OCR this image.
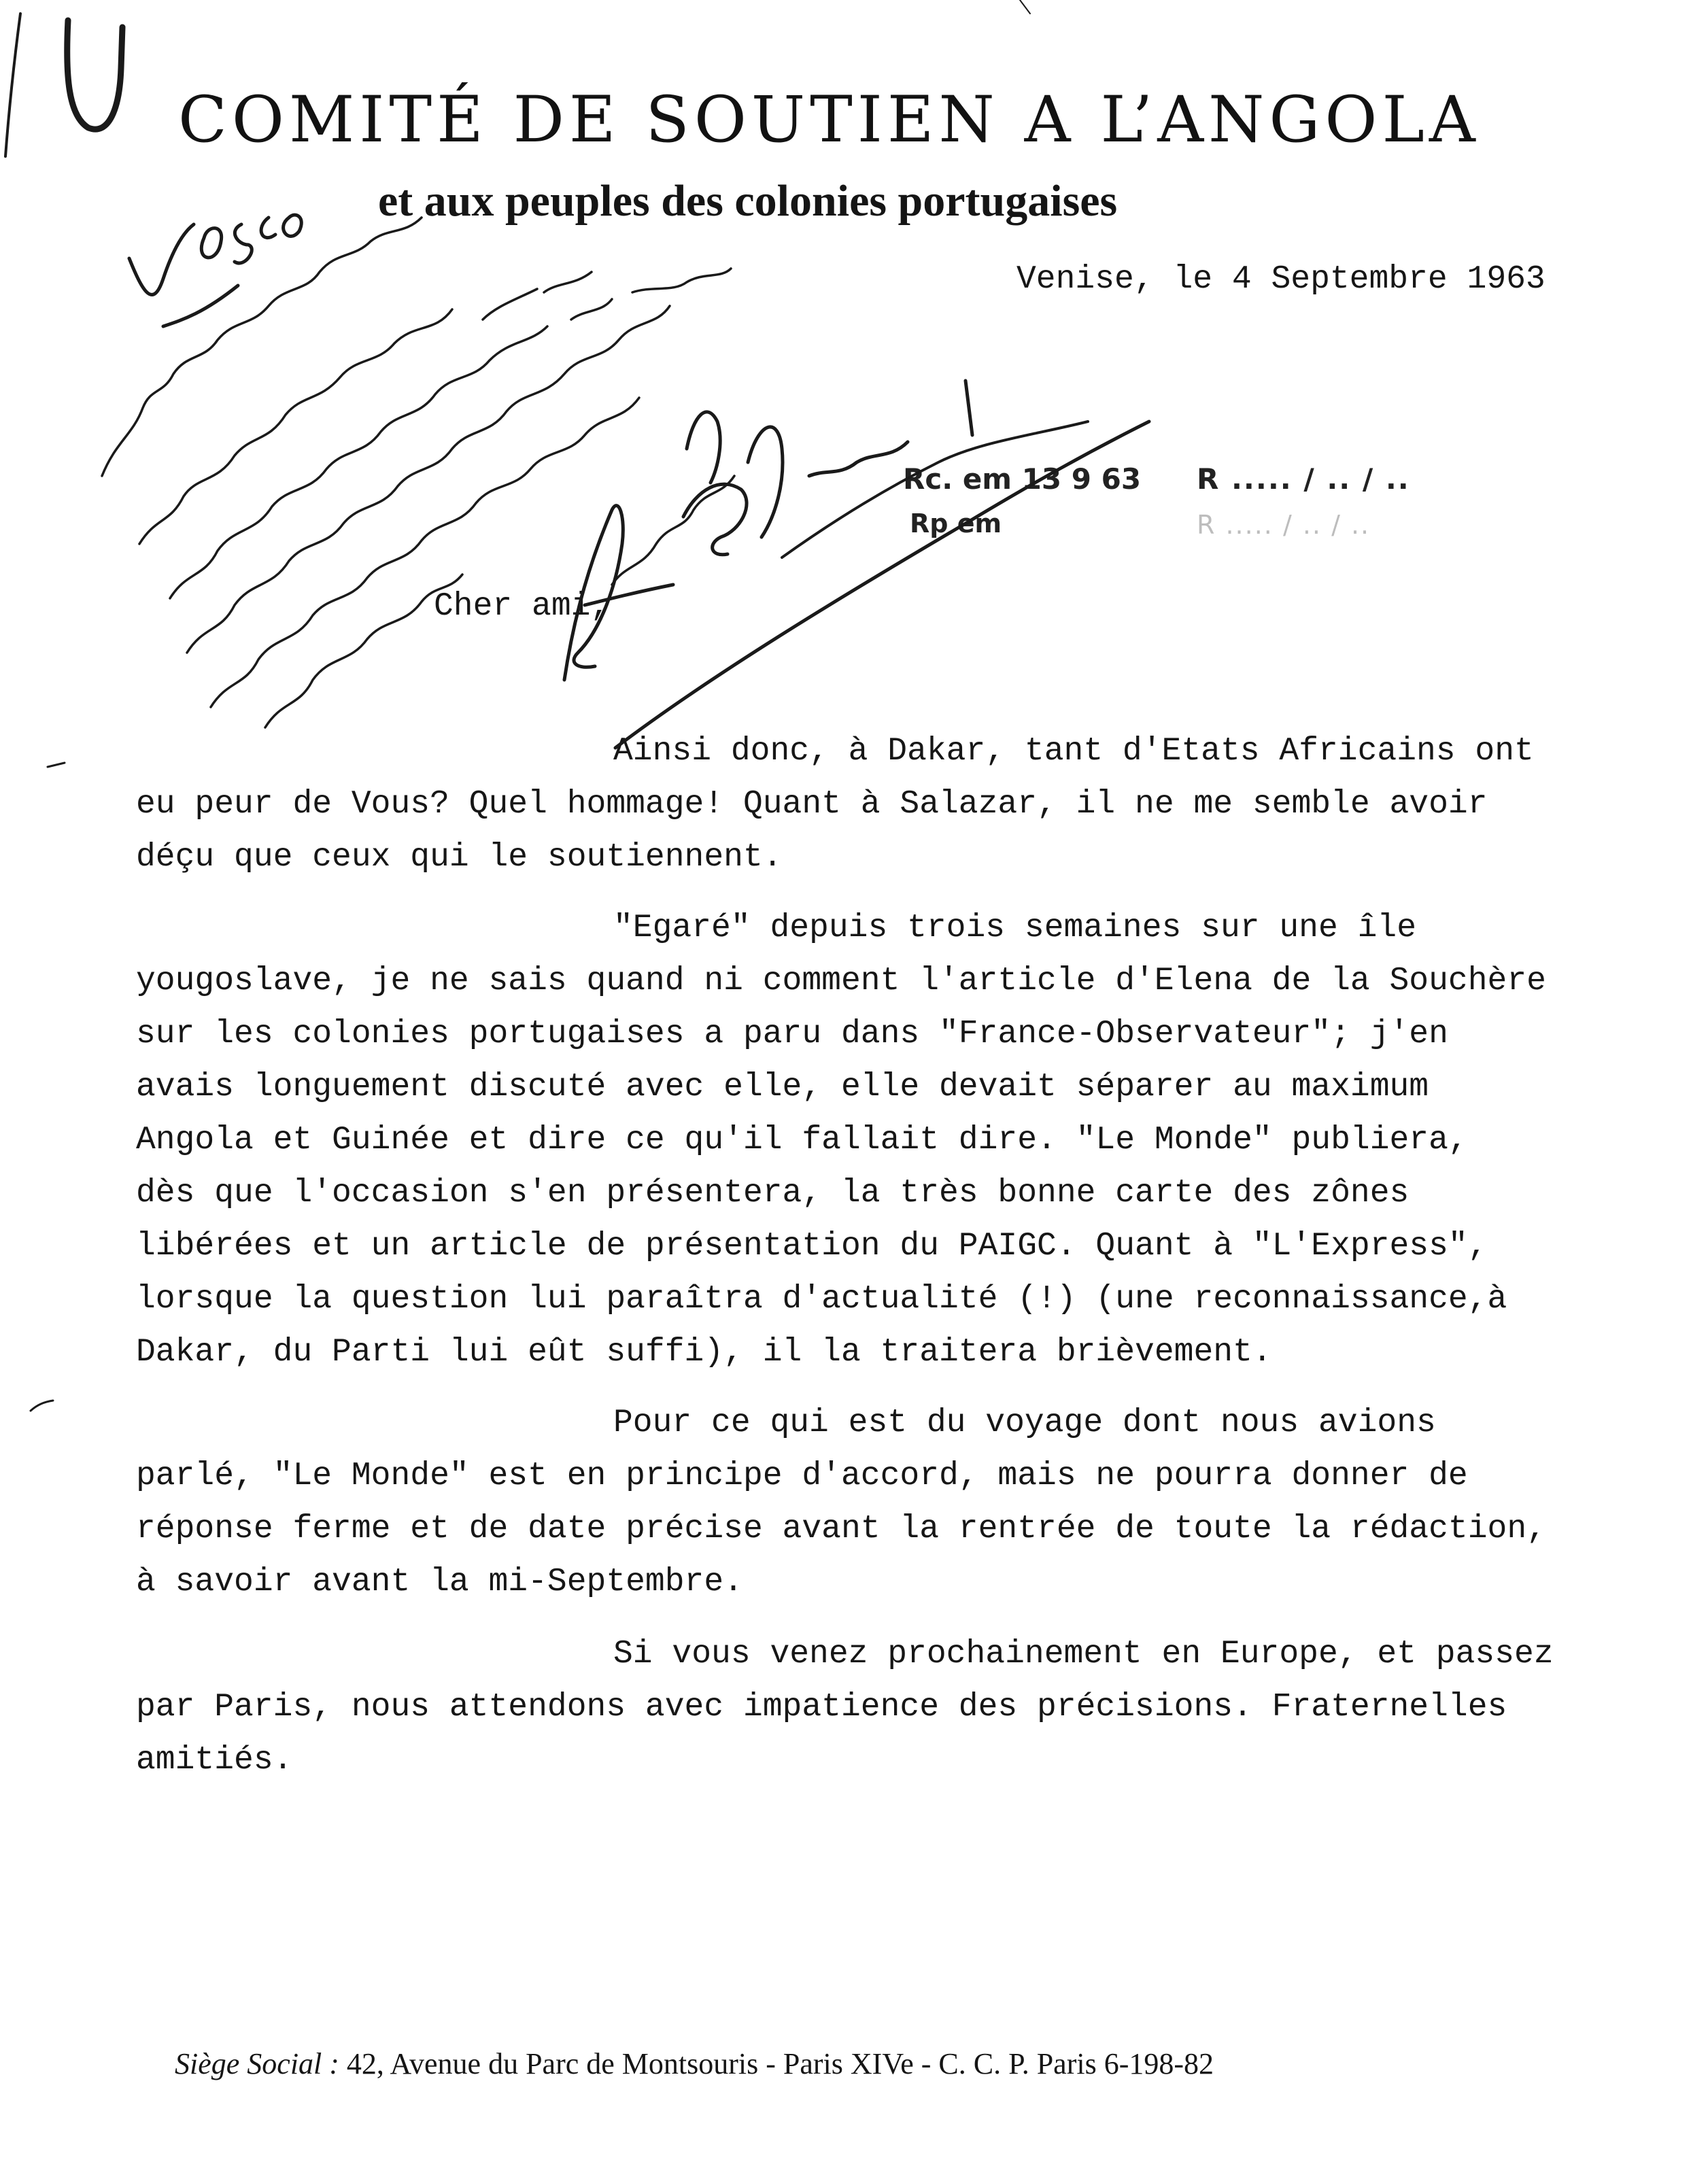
COMITÉ DE SOUTIEN A L’ANGOLA
et aux peuples des colonies portugaises
Venise, le 4 Septembre 1963
Rc. em 13 9 63 R ..... / .. / ..
Rp em	R ..... / .. / ..
Cher ami,
Ainsi donc, à Dakar, tant d'Etats Africains ont
eu peur de Vous? Quel hommage! Quant à Salazar, il ne me semble avoir
déçu que ceux qui le soutiennent.
"Egaré" depuis trois semaines sur une île
yougoslave, je ne sais quand ni comment l'article d'Elena de la Souchère
sur les colonies portugaises a paru dans "France-Observateur"; j'en
avais longuement discuté avec elle, elle devait séparer au maximum
Angola et Guinée et dire ce qu'il fallait dire. "Le Monde" publiera,
dès que l'occasion s'en présentera, la très bonne carte des zônes
libérées et un article de présentation du PAIGC. Quant à "L'Express",
lorsque la question lui paraîtra d'actualité (!) (une reconnaissance,à
Dakar, du Parti lui eût suffi), il la traitera brièvement.
Pour ce qui est du voyage dont nous avions
parlé, "Le Monde" est en principe d'accord, mais ne pourra donner de
réponse ferme et de date précise avant la rentrée de toute la rédaction,
à savoir avant la mi-Septembre.
Si vous venez prochainement en Europe, et passez
par Paris, nous attendons avec impatience des précisions. Fraternelles
amitiés.
Siège Social : 42, Avenue du Parc de Montsouris - Paris XIVe - C. C. P. Paris 6-198-82
